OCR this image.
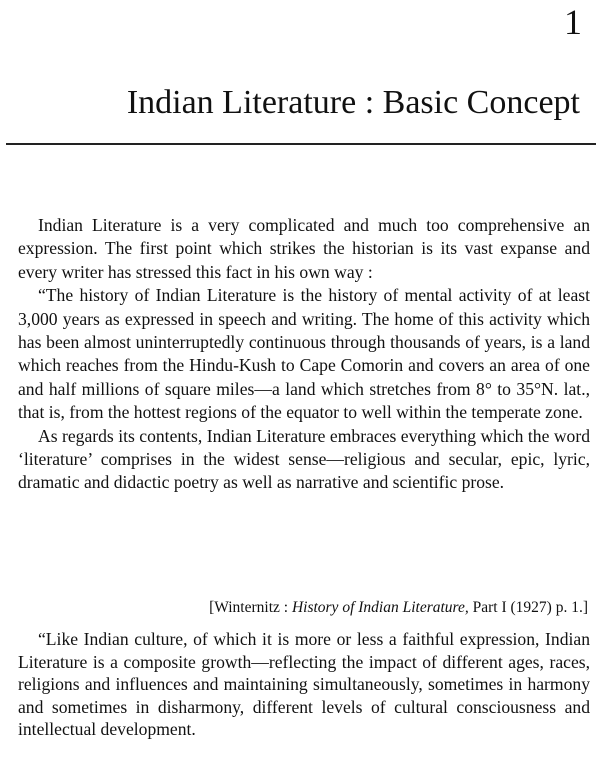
1
Indian Literature : Basic Concept

Indian Literature is a very complicated and much too comprehensive an expression. The first point which strikes the historian is its vast expanse and every writer has stressed this fact in his own way :

“The history of Indian Literature is the history of mental activity of at least 3,000 years as expressed in speech and writing. The home of this activity which has been almost uninterruptedly continuous through thousands of years, is a land which reaches from the Hindu-Kush to Cape Comorin and covers an area of one and half millions of square miles—a land which stretches from 8° to 35°N. lat., that is, from the hottest regions of the equator to well within the temperate zone.

As regards its contents, Indian Literature embraces everything which the word ‘literature’ comprises in the widest sense—religious and secular, epic, lyric, dramatic and didactic poetry as well as narrative and scientific prose.

[Winternitz : History of Indian Literature, Part I (1927) p. 1.]

“Like Indian culture, of which it is more or less a faithful expression, Indian Literature is a composite growth—reflecting the impact of different ages, races, religions and influences and maintaining simultaneously, sometimes in harmony and sometimes in disharmony, different levels of cultural consciousness and intellectual development.
